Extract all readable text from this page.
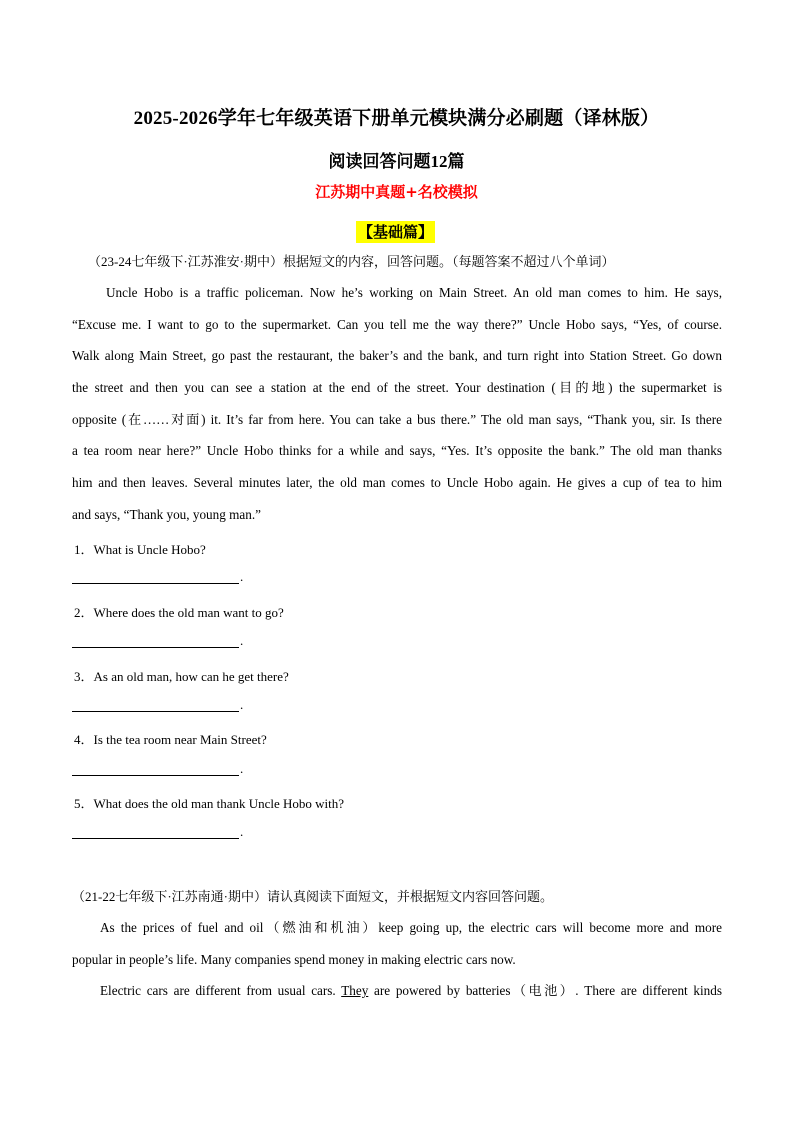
2025-2026学年七年级英语下册单元模块满分必刷题（译林版）
阅读回答问题12篇
江苏期中真题+名校模拟
【基础篇】
（23-24七年级下·江苏淮安·期中）根据短文的内容，回答问题。（每题答案不超过八个单词）
Uncle Hobo is a traffic policeman. Now he’s working on Main Street. An old man comes to him. He says,
“Excuse me. I want to go to the supermarket. Can you tell me the way there?” Uncle Hobo says, “Yes, of course.
Walk along Main Street, go past the restaurant, the baker’s and the bank, and turn right into Station Street. Go down
the street and then you can see a station at the end of the street. Your destination (目的地) the supermarket is
opposite (在……对面) it. It’s far from here. You can take a bus there.” The old man says, “Thank you, sir. Is there
a tea room near here?” Uncle Hobo thinks for a while and says, “Yes. It’s opposite the bank.” The old man thanks
him and then leaves. Several minutes later, the old man comes to Uncle Hobo again. He gives a cup of tea to him
and says, “Thank you, young man.”
1．What is Uncle Hobo?
.
2．Where does the old man want to go?
.
3．As an old man, how can he get there?
.
4．Is the tea room near Main Street?
.
5．What does the old man thank Uncle Hobo with?
.
（21-22七年级下·江苏南通·期中）请认真阅读下面短文，并根据短文内容回答问题。
As the prices of fuel and oil（燃油和机油）keep going up, the electric cars will become more and more
popular in people’s life. Many companies spend money in making electric cars now.
Electric cars are different from usual cars. They are powered by batteries（电池）. There are different kinds
